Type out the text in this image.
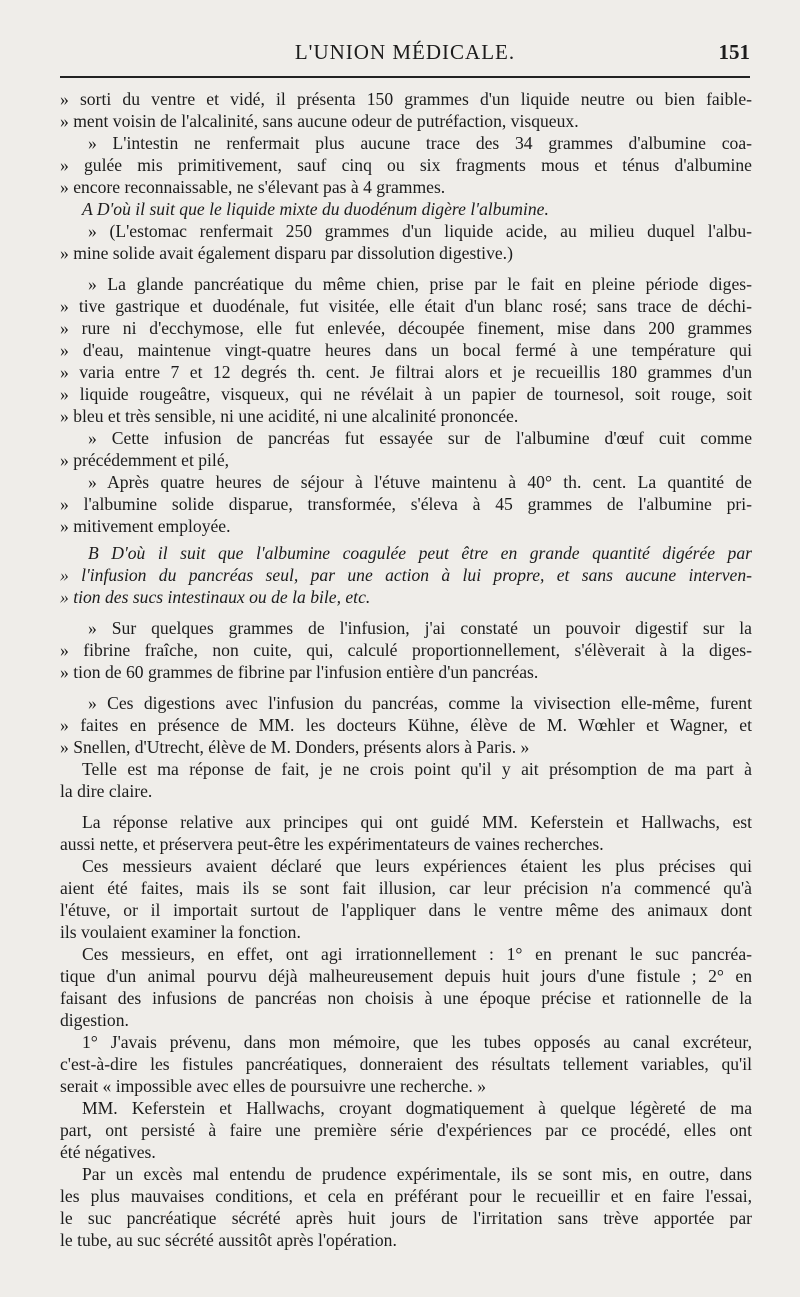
L'UNION MÉDICALE.	151
» sorti du ventre et vidé, il présenta 150 grammes d'un liquide neutre ou bien faible-
» ment voisin de l'alcalinité, sans aucune odeur de putréfaction, visqueux.
» L'intestin ne renfermait plus aucune trace des 34 grammes d'albumine coa-
» gulée mis primitivement, sauf cinq ou six fragments mous et ténus d'albumine
» encore reconnaissable, ne s'élevant pas à 4 grammes.
A D'où il suit que le liquide mixte du duodénum digère l'albumine.
» (L'estomac renfermait 250 grammes d'un liquide acide, au milieu duquel l'albu-
» mine solide avait également disparu par dissolution digestive.)
» La glande pancréatique du même chien, prise par le fait en pleine période diges-
» tive gastrique et duodénale, fut visitée, elle était d'un blanc rosé; sans trace de déchi-
» rure ni d'ecchymose, elle fut enlevée, découpée finement, mise dans 200 grammes
» d'eau, maintenue vingt-quatre heures dans un bocal fermé à une température qui
» varia entre 7 et 12 degrés th. cent. Je filtrai alors et je recueillis 180 grammes d'un
» liquide rougeâtre, visqueux, qui ne révélait à un papier de tournesol, soit rouge, soit
» bleu et très sensible, ni une acidité, ni une alcalinité prononcée.
» Cette infusion de pancréas fut essayée sur de l'albumine d'œuf cuit comme
» précédemment et pilé,
» Après quatre heures de séjour à l'étuve maintenu à 40° th. cent. La quantité de
» l'albumine solide disparue, transformée, s'éleva à 45 grammes de l'albumine pri-
» mitivement employée.
B D'où il suit que l'albumine coagulée peut être en grande quantité digérée par
» l'infusion du pancréas seul, par une action à lui propre, et sans aucune interven-
» tion des sucs intestinaux ou de la bile, etc.
» Sur quelques grammes de l'infusion, j'ai constaté un pouvoir digestif sur la
» fibrine fraîche, non cuite, qui, calculé proportionnellement, s'élèverait à la diges-
» tion de 60 grammes de fibrine par l'infusion entière d'un pancréas.
» Ces digestions avec l'infusion du pancréas, comme la vivisection elle-même, furent
» faites en présence de MM. les docteurs Kühne, élève de M. Wœhler et Wagner, et
» Snellen, d'Utrecht, élève de M. Donders, présents alors à Paris. »
Telle est ma réponse de fait, je ne crois point qu'il y ait présomption de ma part à
la dire claire.
La réponse relative aux principes qui ont guidé MM. Keferstein et Hallwachs, est
aussi nette, et préservera peut-être les expérimentateurs de vaines recherches.
Ces messieurs avaient déclaré que leurs expériences étaient les plus précises qui
aient été faites, mais ils se sont fait illusion, car leur précision n'a commencé qu'à
l'étuve, or il importait surtout de l'appliquer dans le ventre même des animaux dont
ils voulaient examiner la fonction.
Ces messieurs, en effet, ont agi irrationnellement : 1° en prenant le suc pancréa-
tique d'un animal pourvu déjà malheureusement depuis huit jours d'une fistule ; 2° en
faisant des infusions de pancréas non choisis à une époque précise et rationnelle de la
digestion.
1° J'avais prévenu, dans mon mémoire, que les tubes opposés au canal excréteur,
c'est-à-dire les fistules pancréatiques, donneraient des résultats tellement variables, qu'il
serait « impossible avec elles de poursuivre une recherche. »
MM. Keferstein et Hallwachs, croyant dogmatiquement à quelque légèreté de ma
part, ont persisté à faire une première série d'expériences par ce procédé, elles ont
été négatives.
Par un excès mal entendu de prudence expérimentale, ils se sont mis, en outre, dans
les plus mauvaises conditions, et cela en préférant pour le recueillir et en faire l'essai,
le suc pancréatique sécrété après huit jours de l'irritation sans trève apportée par
le tube, au suc sécrété aussitôt après l'opération.
